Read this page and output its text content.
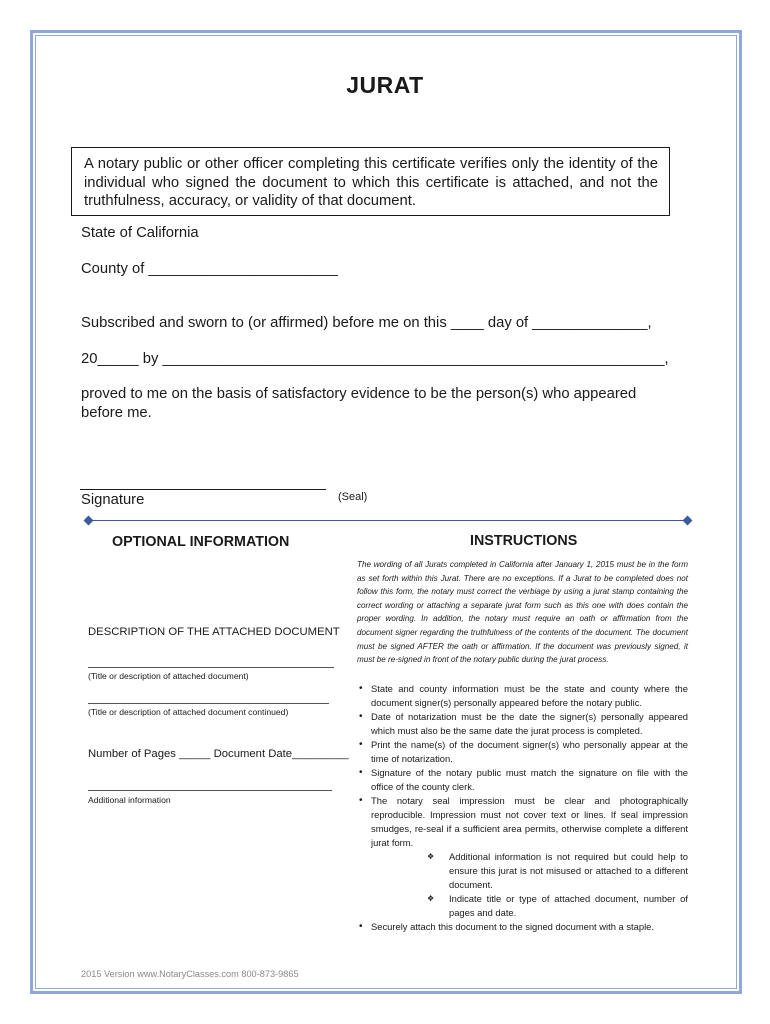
JURAT
A notary public or other officer completing this certificate verifies only the identity of the individual who signed the document to which this certificate is attached, and not the truthfulness, accuracy, or validity of that document.
State of California
County of _______________________
Subscribed and sworn to (or affirmed) before me on this ____ day of ______________,
20_____ by _____________________________________________________________,
proved to me on the basis of satisfactory evidence to be the person(s) who appeared before me.
Signature	(Seal)
OPTIONAL INFORMATION
DESCRIPTION OF THE ATTACHED DOCUMENT
(Title or description of attached document)
(Title or description of attached document continued)
Number of Pages _____ Document Date_________
Additional information
INSTRUCTIONS
The wording of all Jurats completed in California after January 1, 2015 must be in the form as set forth within this Jurat. There are no exceptions. If a Jurat to be completed does not follow this form, the notary must correct the verbiage by using a jurat stamp containing the correct wording or attaching a separate jurat form such as this one with does contain the proper wording. In addition, the notary must require an oath or affirmation from the document signer regarding the truthfulness of the contents of the document. The document must be signed AFTER the oath or affirmation. If the document was previously signed, it must be re-signed in front of the notary public during the jurat process.
• State and county information must be the state and county where the document signer(s) personally appeared before the notary public.
• Date of notarization must be the date the signer(s) personally appeared which must also be the same date the jurat process is completed.
• Print the name(s) of the document signer(s) who personally appear at the time of notarization.
• Signature of the notary public must match the signature on file with the office of the county clerk.
• The notary seal impression must be clear and photographically reproducible. Impression must not cover text or lines. If seal impression smudges, re-seal if a sufficient area permits, otherwise complete a different jurat form.
❖ Additional information is not required but could help to ensure this jurat is not misused or attached to a different document.
❖ Indicate title or type of attached document, number of pages and date.
• Securely attach this document to the signed document with a staple.
2015 Version www.NotaryClasses.com 800-873-9865
